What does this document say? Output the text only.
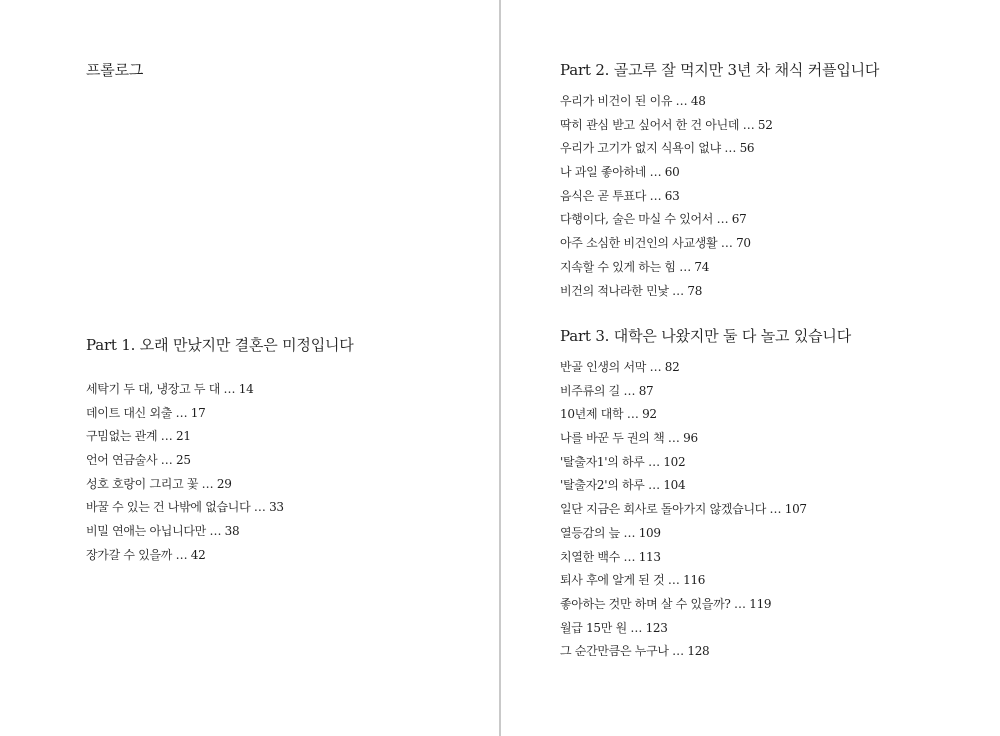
프롤로그
Part 1. 오래 만났지만 결혼은 미정입니다
세탁기 두 대, 냉장고 두 대 … 14
데이트 대신 외출 … 17
구밈없는 관계 … 21
언어 연금술사 … 25
성호 호랑이 그리고 꽃 … 29
바꿀 수 있는 건 나밖에 없습니다 … 33
비밀 연애는 아닙니다만 … 38
장가갈 수 있을까 … 42
Part 2. 골고루 잘 먹지만 3년 차 채식 커플입니다
우리가 비건이 된 이유 … 48
딱히 관심 받고 싶어서 한 건 아닌데 … 52
우리가 고기가 없지 식욕이 없냐 … 56
나 과일 좋아하네 … 60
음식은 곧 투표다 … 63
다행이다, 술은 마실 수 있어서 … 67
아주 소심한 비건인의 사교생활 … 70
지속할 수 있게 하는 힘 … 74
비건의 적나라한 민낯 … 78
Part 3. 대학은 나왔지만 둘 다 놀고 있습니다
반골 인생의 서막 … 82
비주류의 길 … 87
10년제 대학 … 92
나를 바꾼 두 권의 책 … 96
'탈출자1'의 하루 … 102
'탈출자2'의 하루 … 104
일단 지금은 회사로 돌아가지 않겠습니다 … 107
열등감의 늪 … 109
치열한 백수 … 113
퇴사 후에 알게 된 것 … 116
좋아하는 것만 하며 살 수 있을까? … 119
월급 15만 원 … 123
그 순간만큼은 누구나 … 128
